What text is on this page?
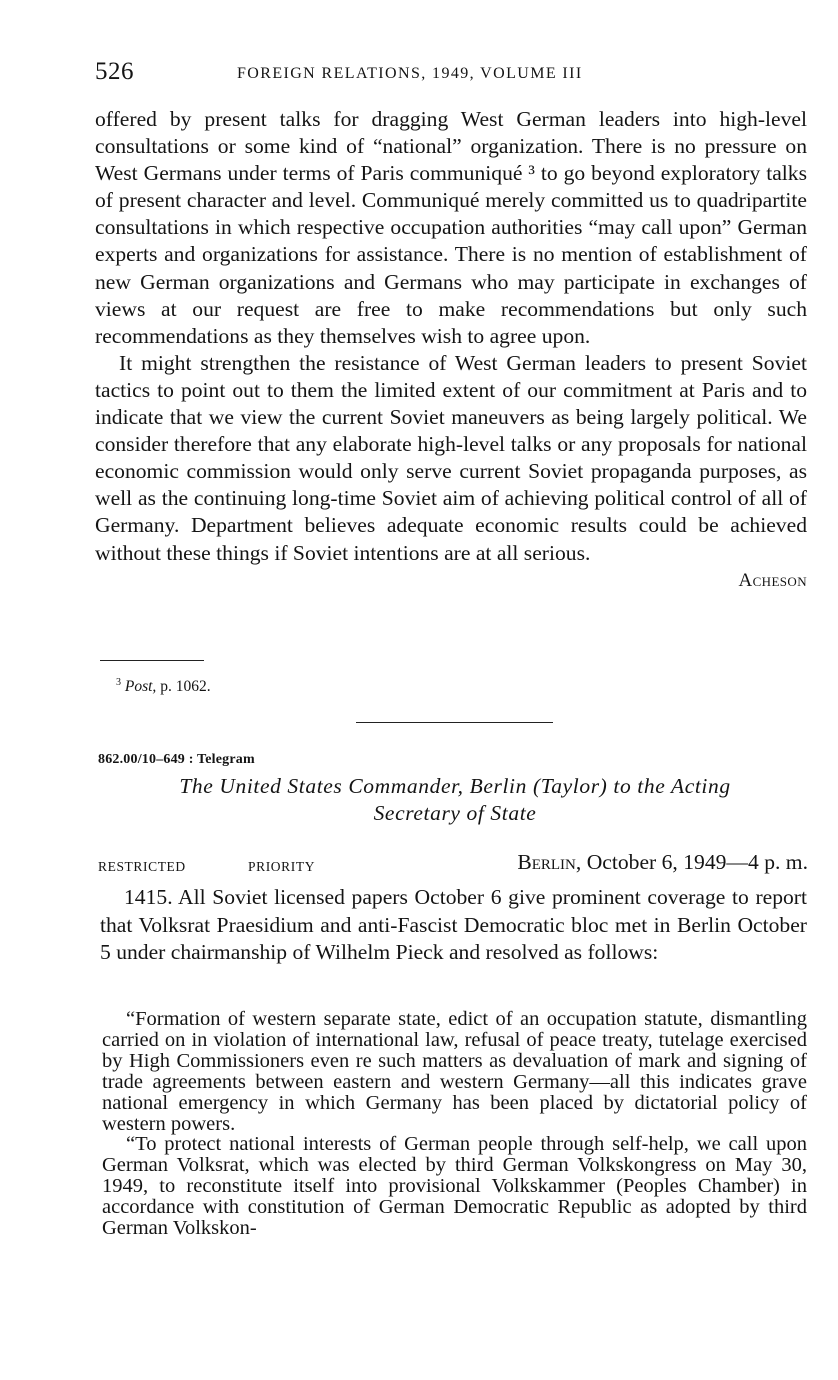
526	FOREIGN RELATIONS, 1949, VOLUME III

offered by present talks for dragging West German leaders into high-level consultations or some kind of “national” organization. There is no pressure on West Germans under terms of Paris communiqué ³ to go beyond exploratory talks of present character and level. Communiqué merely committed us to quadripartite consultations in which respective occupation authorities “may call upon” German experts and organizations for assistance. There is no mention of establishment of new German organizations and Germans who may participate in exchanges of views at our request are free to make recommendations but only such recommendations as they themselves wish to agree upon.

It might strengthen the resistance of West German leaders to present Soviet tactics to point out to them the limited extent of our commitment at Paris and to indicate that we view the current Soviet maneuvers as being largely political. We consider therefore that any elaborate high-level talks or any proposals for national economic commission would only serve current Soviet propaganda purposes, as well as the continuing long-time Soviet aim of achieving political control of all of Germany. Department believes adequate economic results could be achieved without these things if Soviet intentions are at all serious.

Acheson

$^3$ Post, p. 1062.
862.00/10–649 : Telegram
The United States Commander, Berlin (Taylor) to the Acting
Secretary of State
RESTRICTED	PRIORITY	Berlin, October 6, 1949—4 p. m.

1415. All Soviet licensed papers October 6 give prominent coverage to report that Volksrat Praesidium and anti-Fascist Democratic bloc met in Berlin October 5 under chairmanship of Wilhelm Pieck and resolved as follows:

“Formation of western separate state, edict of an occupation statute, dismantling carried on in violation of international law, refusal of peace treaty, tutelage exercised by High Commissioners even re such matters as devaluation of mark and signing of trade agreements between eastern and western Germany—all this indicates grave national emergency in which Germany has been placed by dictatorial policy of western powers.

“To protect national interests of German people through self-help, we call upon German Volksrat, which was elected by third German Volkskongress on May 30, 1949, to reconstitute itself into provisional Volkskammer (Peoples Chamber) in accordance with constitution of German Democratic Republic as adopted by third German Volkskon-
